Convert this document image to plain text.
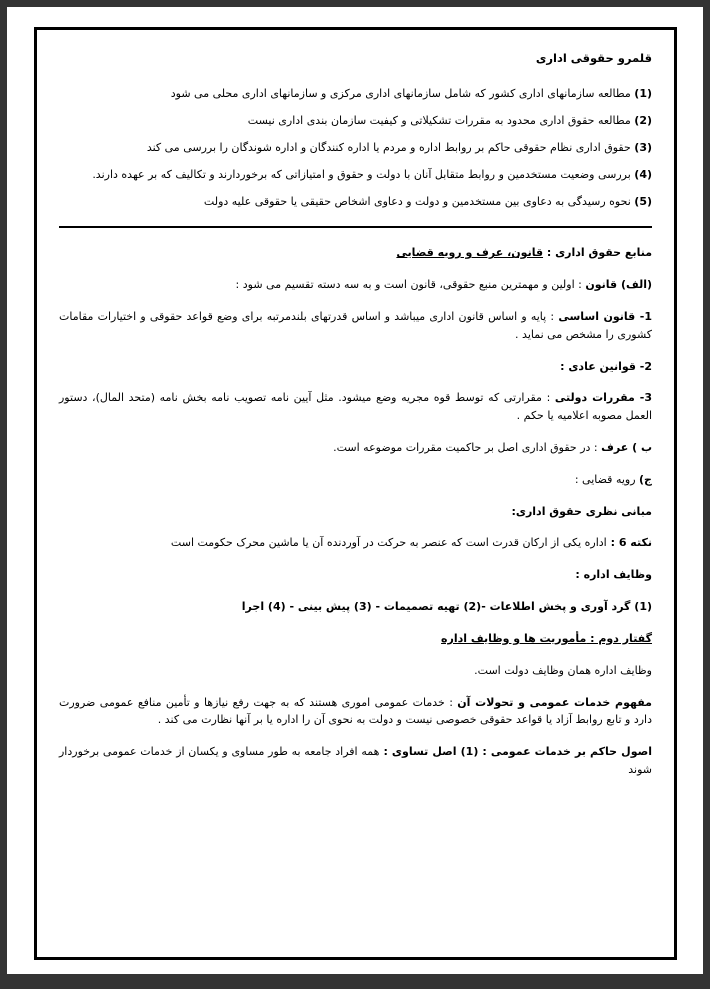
قلمرو حقوقی اداری
(1) مطالعه سازمانهای اداری کشور که شامل سازمانهای اداری مرکزی و سازمانهای اداری محلی می شود
(2) مطالعه حقوق اداری محدود به مقررات تشکیلاتی و کیفیت سازمان بندی اداری نیست
(3) حقوق اداری نظام حقوقی حاکم بر روابط اداره و مردم یا اداره کنندگان و اداره شوندگان را بررسی می کند
(4) بررسی وضعیت مستخدمین و روابط متقابل آنان با دولت و حقوق و امتیازاتی که برخوردارند و تکالیف که بر عهده دارند.
(5) نحوه رسیدگی به دعاوی بین مستخدمین و دولت و دعاوی اشخاص حقیقی یا حقوقی علیه دولت
منابع حقوق اداری : قانون، عرف و رویه قضایی
(الف) قانون : اولین و مهمترین منبع حقوقی، قانون است و به سه دسته تقسیم می شود :
1- قانون اساسی : پایه و اساس قانون اداری میباشد و اساس قدرتهای بلندمرتبه برای وضع قواعد حقوقی و اختیارات مقامات کشوری را مشخص می نماید .
2- قوانین عادی :
3- مقررات دولتی : مقرارتی که توسط قوه مجریه وضع میشود. مثل آیین نامه تصویب نامه بخش نامه (متحد المال)، دستور العمل مصوبه اعلامیه یا حکم .
ب ) عرف : در حقوق اداری اصل بر حاکمیت مقررات موضوعه است.
ج) رویه قضایی :
مبانی نظری حقوق اداری:
نکته 6 : اداره یکی از ارکان قدرت است که عنصر به حرکت در آوردنده آن یا ماشین محرک حکومت است
وظایف اداره :
(1) گرد آوری و پخش اطلاعات -(2) تهیه تصمیمات - (3) پیش بینی - (4) اجرا
گفتار دوم : مأموریت ها و وظایف اداره
وظایف اداره همان وظایف دولت است.
مفهوم خدمات عمومی و تحولات آن : خدمات عمومی اموری هستند که به جهت رفع نیازها و تأمین منافع عمومی ضرورت دارد و تابع روابط آزاد یا قواعد حقوقی خصوصی نیست و دولت به نحوی آن را اداره یا بر آنها نظارت می کند .
اصول حاکم بر خدمات عمومی : (1) اصل تساوی : همه افراد جامعه به طور مساوی و یکسان از خدمات عمومی برخوردار شوند
